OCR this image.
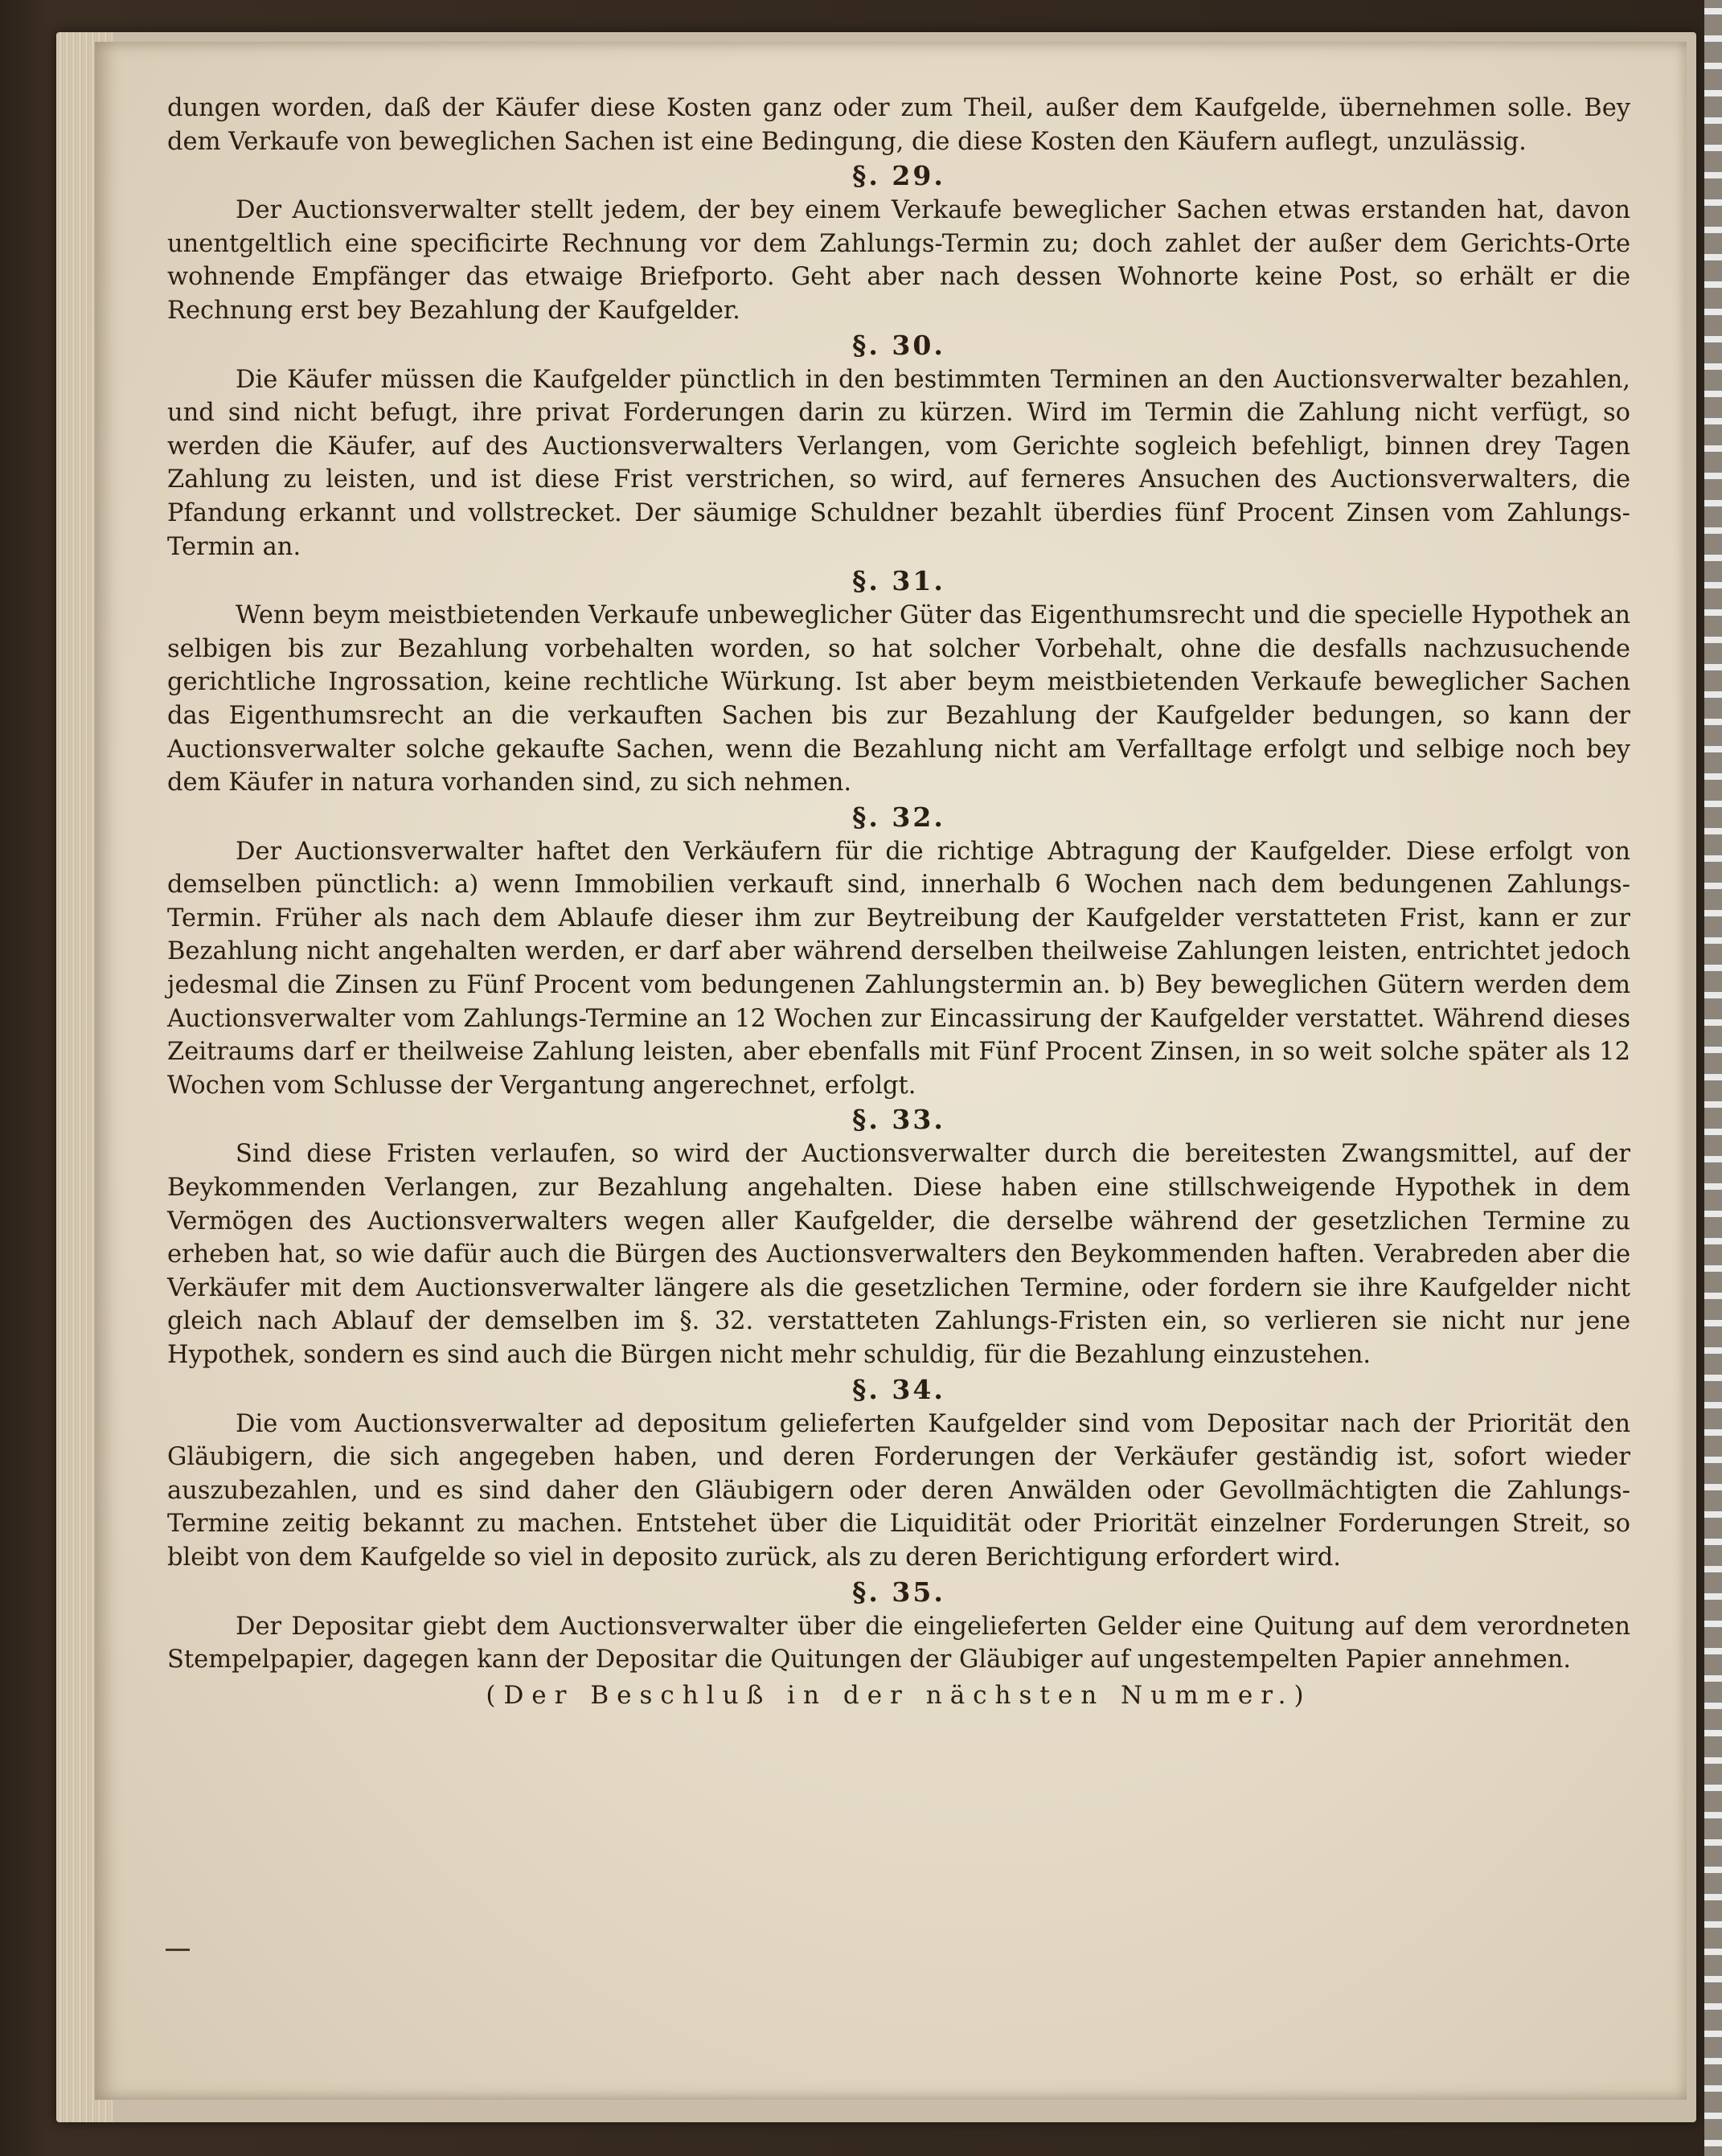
dungen worden, daß der Käufer diese Kosten ganz oder zum Theil, außer dem Kaufgelde, übernehmen solle. Bey dem Verkaufe von beweglichen Sachen ist eine Bedingung, die diese Kosten den Käufern auflegt, unzulässig.

§. 29.

Der Auctionsverwalter stellt jedem, der bey einem Verkaufe beweglicher Sachen etwas erstanden hat, davon unentgeltlich eine specificirte Rechnung vor dem Zahlungs-Termin zu; doch zahlet der außer dem Gerichts-Orte wohnende Empfänger das etwaige Briefporto. Geht aber nach dessen Wohnorte keine Post, so erhält er die Rechnung erst bey Bezahlung der Kaufgelder.

§. 30.

Die Käufer müssen die Kaufgelder pünctlich in den bestimmten Terminen an den Auctionsverwalter bezahlen, und sind nicht befugt, ihre privat Forderungen darin zu kürzen. Wird im Termin die Zahlung nicht verfügt, so werden die Käufer, auf des Auctionsverwalters Verlangen, vom Gerichte sogleich befehligt, binnen drey Tagen Zahlung zu leisten, und ist diese Frist verstrichen, so wird, auf ferneres Ansuchen des Auctionsverwalters, die Pfandung erkannt und vollstrecket. Der säumige Schuldner bezahlt überdies fünf Procent Zinsen vom Zahlungs-Termin an.

§. 31.

Wenn beym meistbietenden Verkaufe unbeweglicher Güter das Eigenthumsrecht und die specielle Hypothek an selbigen bis zur Bezahlung vorbehalten worden, so hat solcher Vorbehalt, ohne die desfalls nachzusuchende gerichtliche Ingrossation, keine rechtliche Würkung. Ist aber beym meistbietenden Verkaufe beweglicher Sachen das Eigenthumsrecht an die verkauften Sachen bis zur Bezahlung der Kaufgelder bedungen, so kann der Auctionsverwalter solche gekaufte Sachen, wenn die Bezahlung nicht am Verfalltage erfolgt und selbige noch bey dem Käufer in natura vorhanden sind, zu sich nehmen.

§. 32.

Der Auctionsverwalter haftet den Verkäufern für die richtige Abtragung der Kaufgelder. Diese erfolgt von demselben pünctlich: a) wenn Immobilien verkauft sind, innerhalb 6 Wochen nach dem bedungenen Zahlungs-Termin. Früher als nach dem Ablaufe dieser ihm zur Beytreibung der Kaufgelder verstatteten Frist, kann er zur Bezahlung nicht angehalten werden, er darf aber während derselben theilweise Zahlungen leisten, entrichtet jedoch jedesmal die Zinsen zu Fünf Procent vom bedungenen Zahlungstermin an. b) Bey beweglichen Gütern werden dem Auctionsverwalter vom Zahlungs-Termine an 12 Wochen zur Eincassirung der Kaufgelder verstattet. Während dieses Zeitraums darf er theilweise Zahlung leisten, aber ebenfalls mit Fünf Procent Zinsen, in so weit solche später als 12 Wochen vom Schlusse der Vergantung angerechnet, erfolgt.

§. 33.

Sind diese Fristen verlaufen, so wird der Auctionsverwalter durch die bereitesten Zwangsmittel, auf der Beykommenden Verlangen, zur Bezahlung angehalten. Diese haben eine stillschweigende Hypothek in dem Vermögen des Auctionsverwalters wegen aller Kaufgelder, die derselbe während der gesetzlichen Termine zu erheben hat, so wie dafür auch die Bürgen des Auctionsverwalters den Beykommenden haften. Verabreden aber die Verkäufer mit dem Auctionsverwalter längere als die gesetzlichen Termine, oder fordern sie ihre Kaufgelder nicht gleich nach Ablauf der demselben im §. 32. verstatteten Zahlungs-Fristen ein, so verlieren sie nicht nur jene Hypothek, sondern es sind auch die Bürgen nicht mehr schuldig, für die Bezahlung einzustehen.

§. 34.

Die vom Auctionsverwalter ad depositum gelieferten Kaufgelder sind vom Depositar nach der Priorität den Gläubigern, die sich angegeben haben, und deren Forderungen der Verkäufer geständig ist, sofort wieder auszubezahlen, und es sind daher den Gläubigern oder deren Anwälden oder Gevollmächtigten die Zahlungs-Termine zeitig bekannt zu machen. Entstehet über die Liquidität oder Priorität einzelner Forderungen Streit, so bleibt von dem Kaufgelde so viel in deposito zurück, als zu deren Berichtigung erfordert wird.

§. 35.

Der Depositar giebt dem Auctionsverwalter über die eingelieferten Gelder eine Quitung auf dem verordneten Stempelpapier, dagegen kann der Depositar die Quitungen der Gläubiger auf ungestempelten Papier annehmen.

(Der Beschluß in der nächsten Nummer.)
